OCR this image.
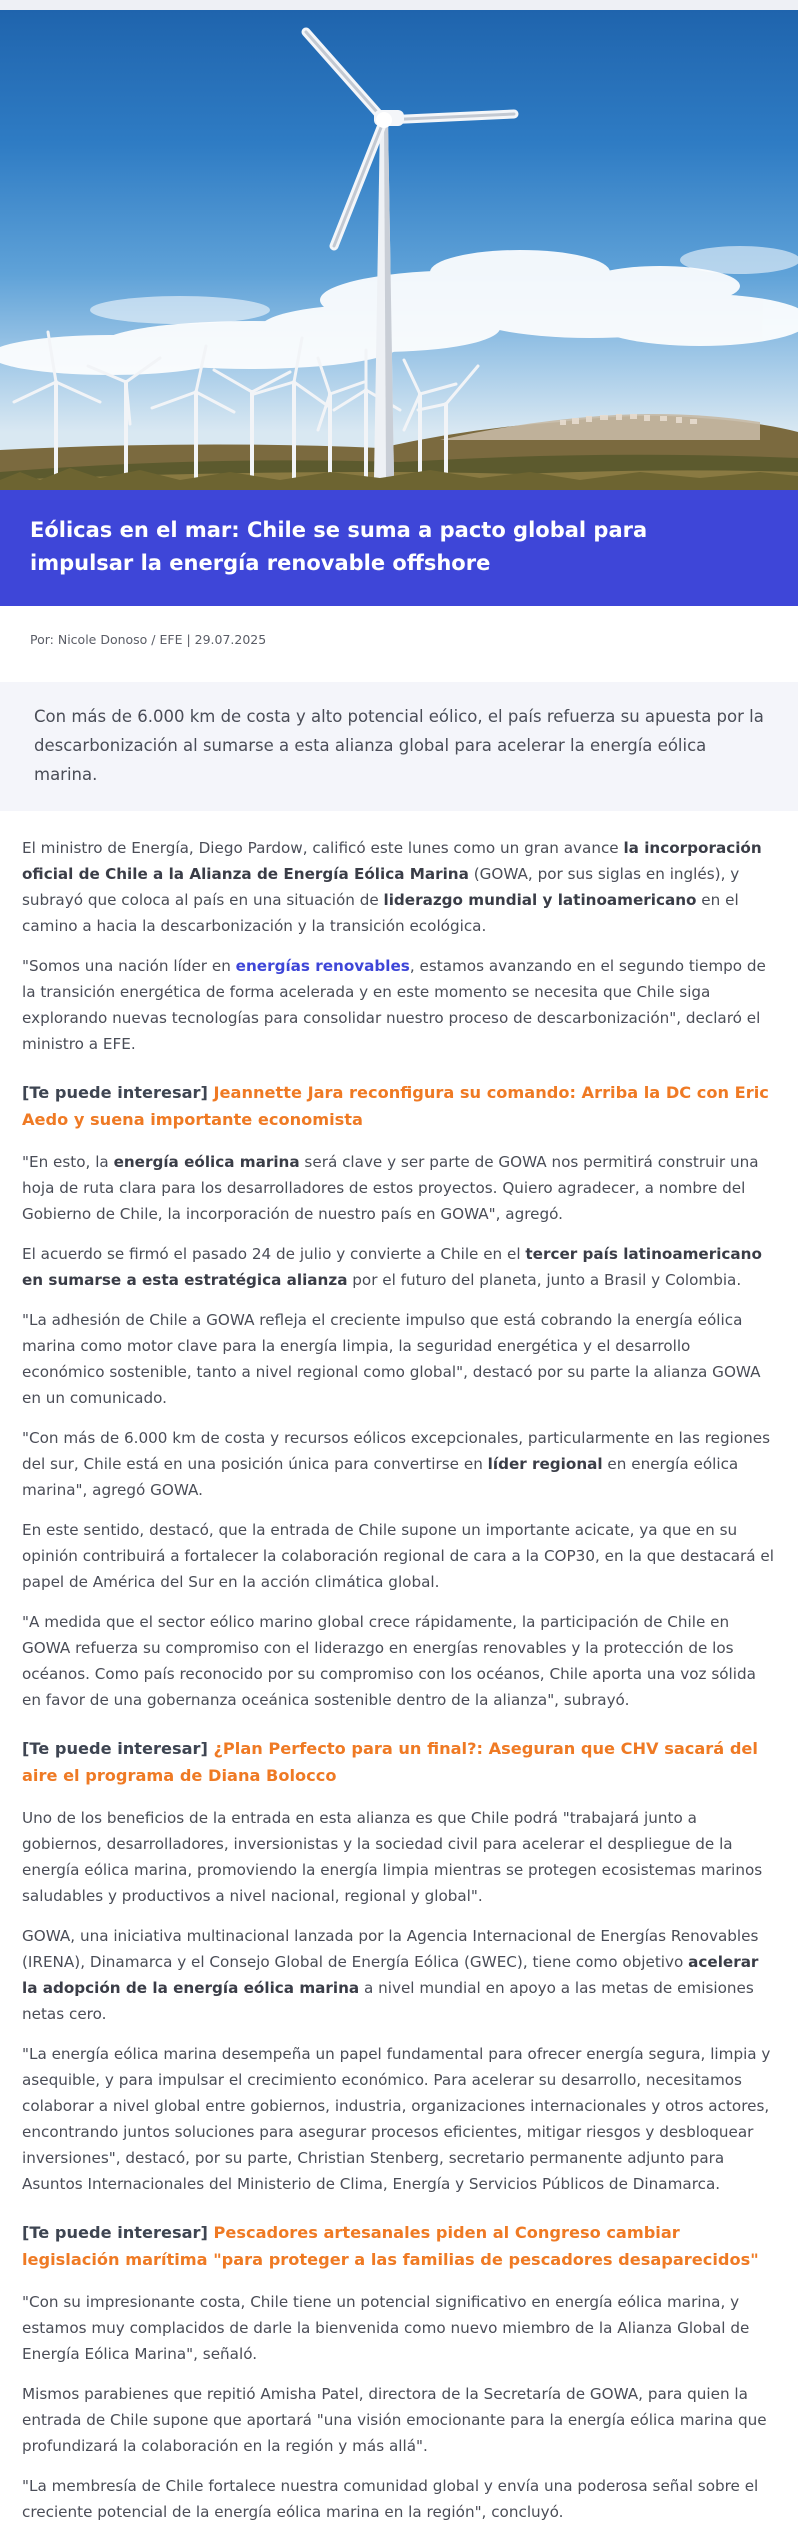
Eólicas en el mar: Chile se suma a pacto global para impulsar la energía renovable offshore
Por: Nicole Donoso / EFE | 29.07.2025
Con más de 6.000 km de costa y alto potencial eólico, el país refuerza su apuesta por la descarbonización al sumarse a esta alianza global para acelerar la energía eólica marina.

El ministro de Energía, Diego Pardow, calificó este lunes como un gran avance la incorporación oficial de Chile a la Alianza de Energía Eólica Marina (GOWA, por sus siglas en inglés), y subrayó que coloca al país en una situación de liderazgo mundial y latinoamericano en el camino a hacia la descarbonización y la transición ecológica.

"Somos una nación líder en energías renovables, estamos avanzando en el segundo tiempo de la transición energética de forma acelerada y en este momento se necesita que Chile siga explorando nuevas tecnologías para consolidar nuestro proceso de descarbonización", declaró el ministro a EFE.

[Te puede interesar] Jeannette Jara reconfigura su comando: Arriba la DC con Eric Aedo y suena importante economista

"En esto, la energía eólica marina será clave y ser parte de GOWA nos permitirá construir una hoja de ruta clara para los desarrolladores de estos proyectos. Quiero agradecer, a nombre del Gobierno de Chile, la incorporación de nuestro país en GOWA", agregó.

El acuerdo se firmó el pasado 24 de julio y convierte a Chile en el tercer país latinoamericano en sumarse a esta estratégica alianza por el futuro del planeta, junto a Brasil y Colombia.

"La adhesión de Chile a GOWA refleja el creciente impulso que está cobrando la energía eólica marina como motor clave para la energía limpia, la seguridad energética y el desarrollo económico sostenible, tanto a nivel regional como global", destacó por su parte la alianza GOWA en un comunicado.

"Con más de 6.000 km de costa y recursos eólicos excepcionales, particularmente en las regiones del sur, Chile está en una posición única para convertirse en líder regional en energía eólica marina", agregó GOWA.

En este sentido, destacó, que la entrada de Chile supone un importante acicate, ya que en su opinión contribuirá a fortalecer la colaboración regional de cara a la COP30, en la que destacará el papel de América del Sur en la acción climática global.

"A medida que el sector eólico marino global crece rápidamente, la participación de Chile en GOWA refuerza su compromiso con el liderazgo en energías renovables y la protección de los océanos. Como país reconocido por su compromiso con los océanos, Chile aporta una voz sólida en favor de una gobernanza oceánica sostenible dentro de la alianza", subrayó.

[Te puede interesar] ¿Plan Perfecto para un final?: Aseguran que CHV sacará del aire el programa de Diana Bolocco

Uno de los beneficios de la entrada en esta alianza es que Chile podrá "trabajará junto a gobiernos, desarrolladores, inversionistas y la sociedad civil para acelerar el despliegue de la energía eólica marina, promoviendo la energía limpia mientras se protegen ecosistemas marinos saludables y productivos a nivel nacional, regional y global".

GOWA, una iniciativa multinacional lanzada por la Agencia Internacional de Energías Renovables (IRENA), Dinamarca y el Consejo Global de Energía Eólica (GWEC), tiene como objetivo acelerar la adopción de la energía eólica marina a nivel mundial en apoyo a las metas de emisiones netas cero.

"La energía eólica marina desempeña un papel fundamental para ofrecer energía segura, limpia y asequible, y para impulsar el crecimiento económico. Para acelerar su desarrollo, necesitamos colaborar a nivel global entre gobiernos, industria, organizaciones internacionales y otros actores, encontrando juntos soluciones para asegurar procesos eficientes, mitigar riesgos y desbloquear inversiones", destacó, por su parte, Christian Stenberg, secretario permanente adjunto para Asuntos Internacionales del Ministerio de Clima, Energía y Servicios Públicos de Dinamarca.

[Te puede interesar] Pescadores artesanales piden al Congreso cambiar legislación marítima "para proteger a las familias de pescadores desaparecidos"

"Con su impresionante costa, Chile tiene un potencial significativo en energía eólica marina, y estamos muy complacidos de darle la bienvenida como nuevo miembro de la Alianza Global de Energía Eólica Marina", señaló.

Mismos parabienes que repitió Amisha Patel, directora de la Secretaría de GOWA, para quien la entrada de Chile supone que aportará "una visión emocionante para la energía eólica marina que profundizará la colaboración en la región y más allá".

"La membresía de Chile fortalece nuestra comunidad global y envía una poderosa señal sobre el creciente potencial de la energía eólica marina en la región", concluyó.
